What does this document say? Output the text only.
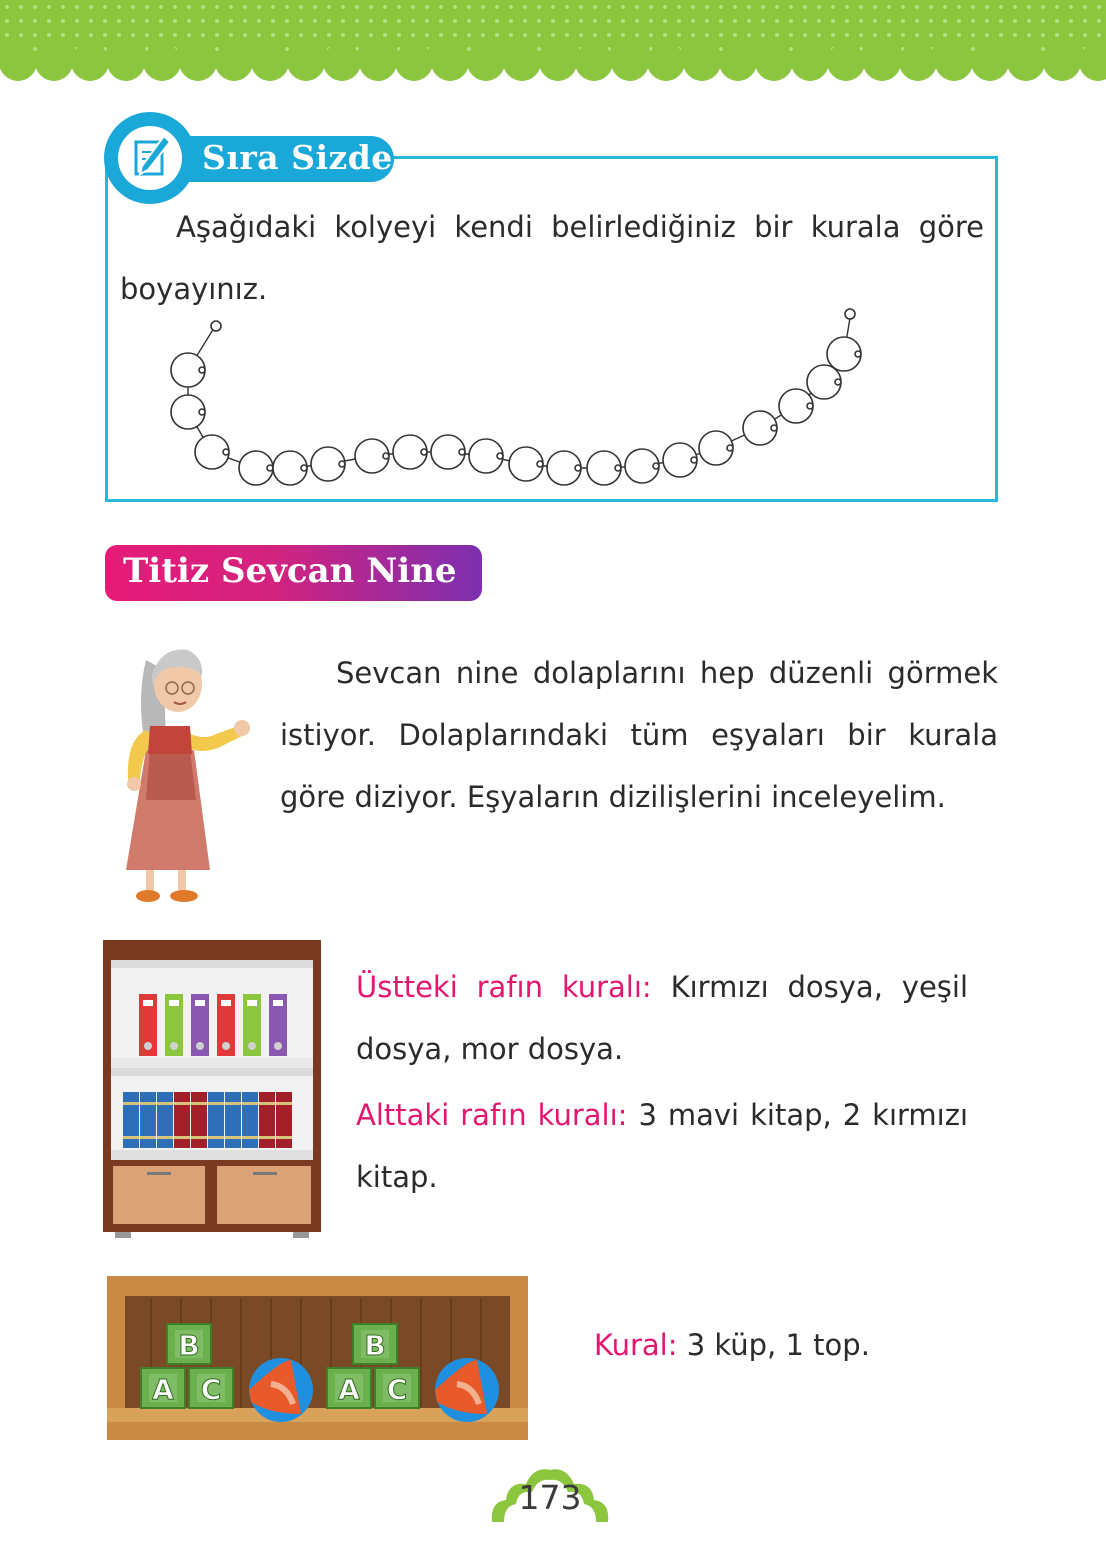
Sıra Sizde

Aşağıdaki kolyeyi kendi belirlediğiniz bir kurala göre boyayınız.

Titiz Sevcan Nine

Sevcan nine dolaplarını hep düzenli görmek istiyor. Dolaplarındaki tüm eşyaları bir kurala göre diziyor. Eşyaların dizilişlerini inceleyelim.

Üstteki rafın kuralı: Kırmızı dosya, yeşil dosya, mor dosya.
Alttaki rafın kuralı: 3 mavi kitap, 2 kırmızı kitap.
B
A C
B
A C
Kural: 3 küp, 1 top.

173
